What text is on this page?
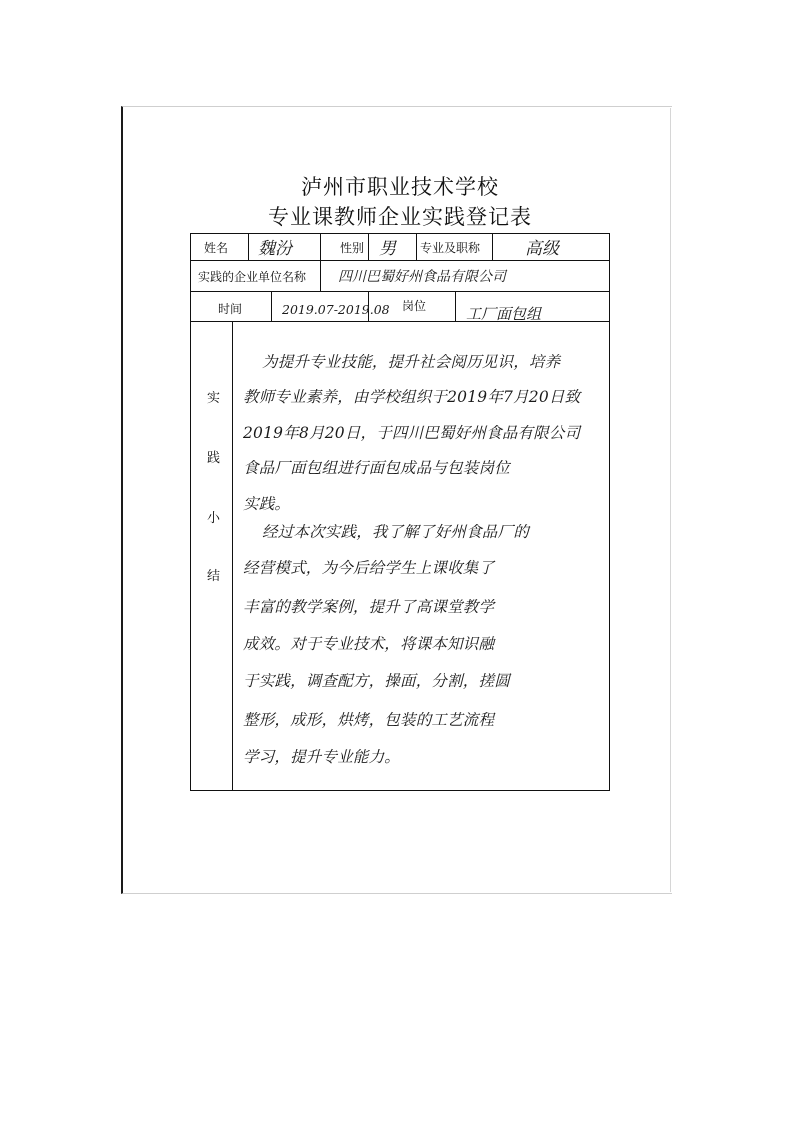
泸州市职业技术学校
专业课教师企业实践登记表
姓名 魏汾	性别 男 专业及职称	高级
实践的企业单位名称 四川巴蜀好州食品有限公司
时间	2019.07-2019.08 岗位	工厂面包组
实
践
小
结
为提升专业技能，提升社会阅历见识，培养
教师专业素养，由学校组织于2019年7月20日致
2019年8月20日，于四川巴蜀好州食品有限公司
食品厂面包组进行面包成品与包装岗位
实践。
经过本次实践，我了解了好州食品厂的
经营模式，为今后给学生上课收集了
丰富的教学案例，提升了高课堂教学
成效。对于专业技术，将课本知识融
于实践，调查配方，操面，分割，搓圆
整形，成形，烘烤，包装的工艺流程
学习，提升专业能力。
